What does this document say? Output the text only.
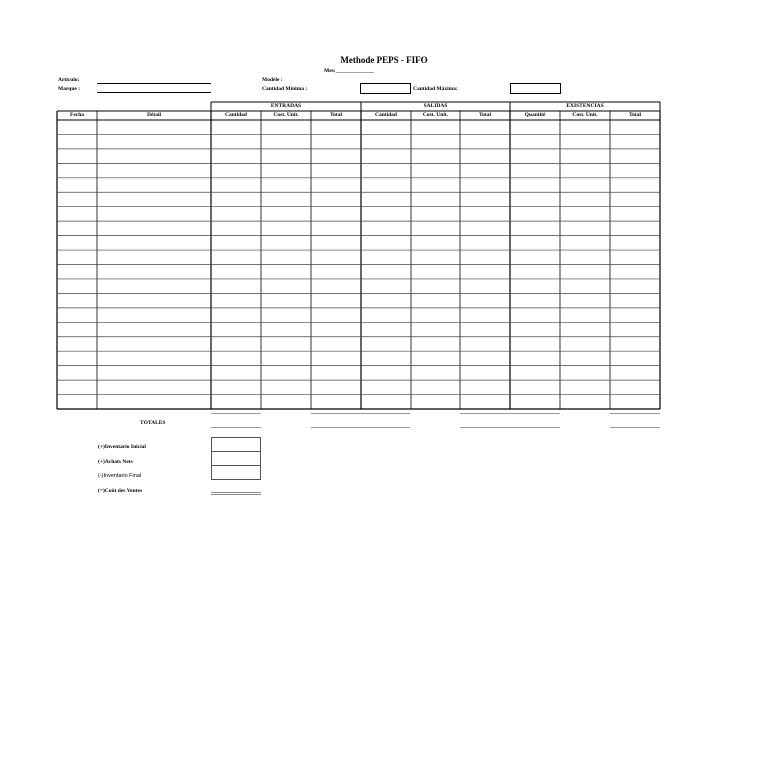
Methode PEPS - FIFO
Mes:______________
Articulo:
Marque :
Modèle :
Cantidad Mínima :	Cantidad Máxima:
ENTRADAS	SALIDAS	EXISTENCIAS
Fecha	Détail	Cantidad	Cost. Unit.	Total	Cantidad	Cost. Unit.	Total	Quantité	Cost. Unit.	Total
TOTALES
(+)Inventario Inicial
(+)Achats Nets
(-)Inventario Final
(=)Coût des Ventes
